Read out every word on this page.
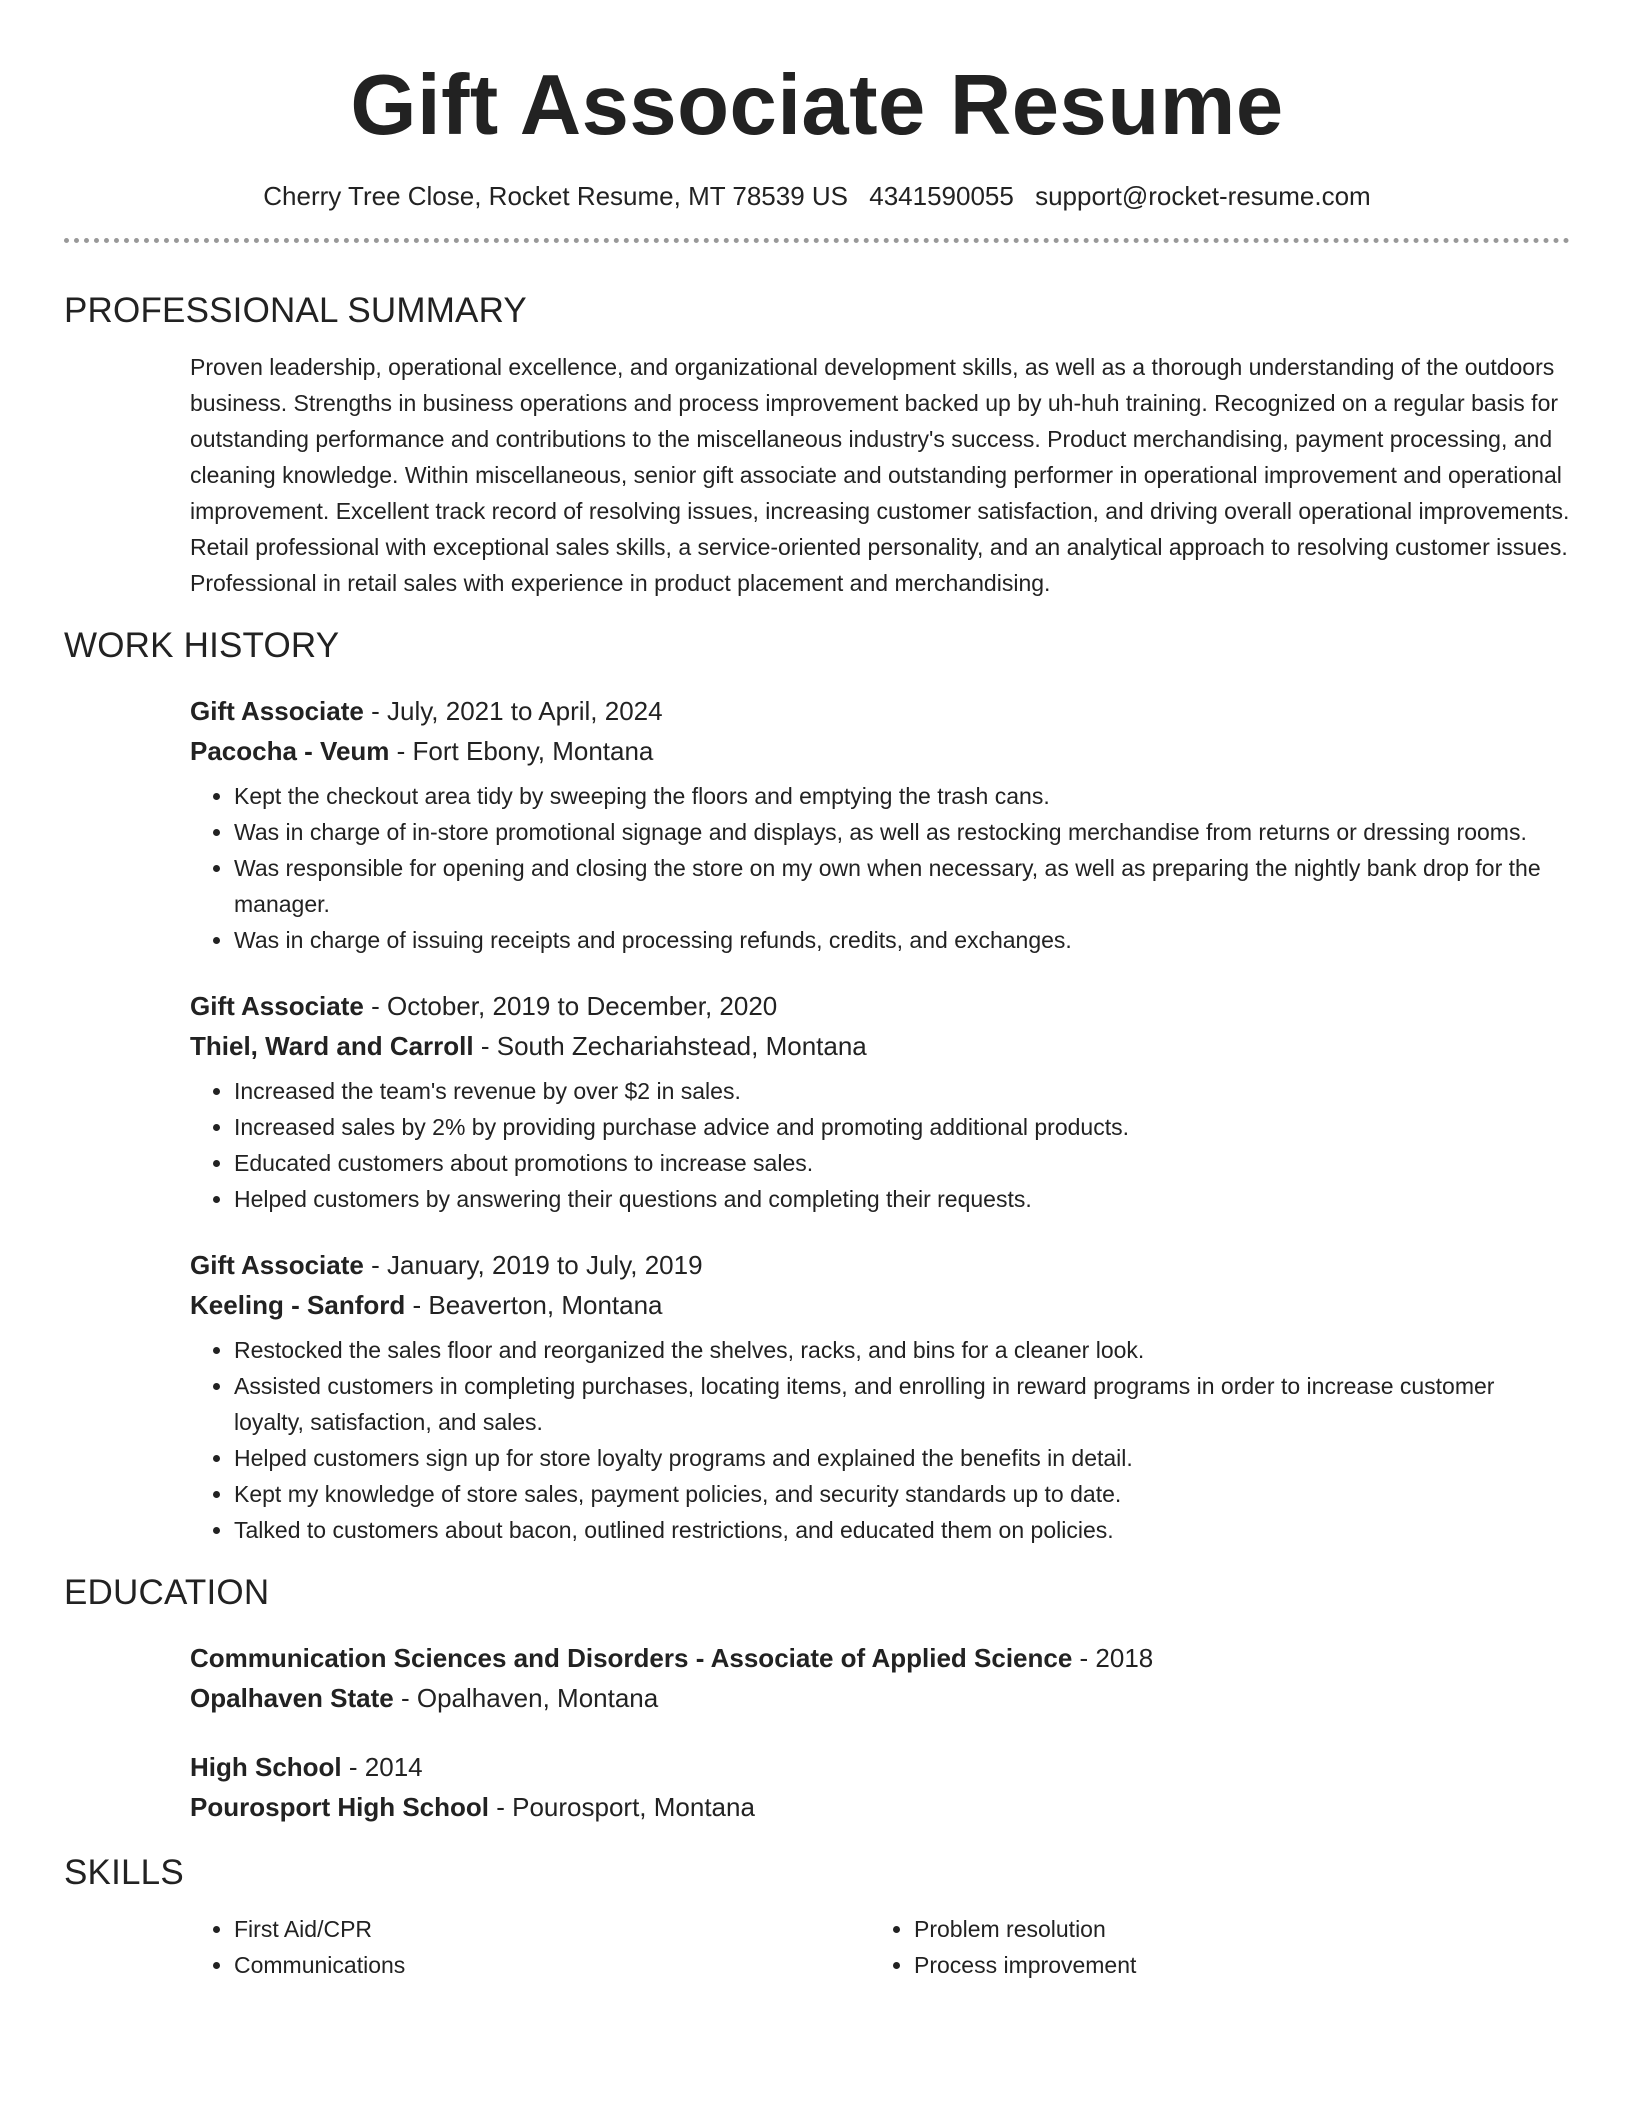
Gift Associate Resume
Cherry Tree Close, Rocket Resume, MT 78539 US 4341590055 support@rocket-resume.com
PROFESSIONAL SUMMARY

Proven leadership, operational excellence, and organizational development skills, as well as a thorough understanding of the outdoors business. Strengths in business operations and process improvement backed up by uh-huh training. Recognized on a regular basis for outstanding performance and contributions to the miscellaneous industry's success. Product merchandising, payment processing, and cleaning knowledge. Within miscellaneous, senior gift associate and outstanding performer in operational improvement and operational improvement. Excellent track record of resolving issues, increasing customer satisfaction, and driving overall operational improvements. Retail professional with exceptional sales skills, a service-oriented personality, and an analytical approach to resolving customer issues. Professional in retail sales with experience in product placement and merchandising.

WORK HISTORY
Gift Associate - July, 2021 to April, 2024
Pacocha - Veum - Fort Ebony, Montana
• Kept the checkout area tidy by sweeping the floors and emptying the trash cans.
• Was in charge of in-store promotional signage and displays, as well as restocking merchandise from returns or dressing rooms.
• Was responsible for opening and closing the store on my own when necessary, as well as preparing the nightly bank drop for the manager.
• Was in charge of issuing receipts and processing refunds, credits, and exchanges.
Gift Associate - October, 2019 to December, 2020
Thiel, Ward and Carroll - South Zechariahstead, Montana
• Increased the team's revenue by over $2 in sales.
• Increased sales by 2% by providing purchase advice and promoting additional products.
• Educated customers about promotions to increase sales.
• Helped customers by answering their questions and completing their requests.
Gift Associate - January, 2019 to July, 2019
Keeling - Sanford - Beaverton, Montana
• Restocked the sales floor and reorganized the shelves, racks, and bins for a cleaner look.
• Assisted customers in completing purchases, locating items, and enrolling in reward programs in order to increase customer loyalty, satisfaction, and sales.
• Helped customers sign up for store loyalty programs and explained the benefits in detail.
• Kept my knowledge of store sales, payment policies, and security standards up to date.
• Talked to customers about bacon, outlined restrictions, and educated them on policies.
EDUCATION
Communication Sciences and Disorders - Associate of Applied Science - 2018
Opalhaven State - Opalhaven, Montana
High School - 2014
Pourosport High School - Pourosport, Montana
SKILLS
• First Aid/CPR
• Communications
• Problem resolution
• Process improvement
